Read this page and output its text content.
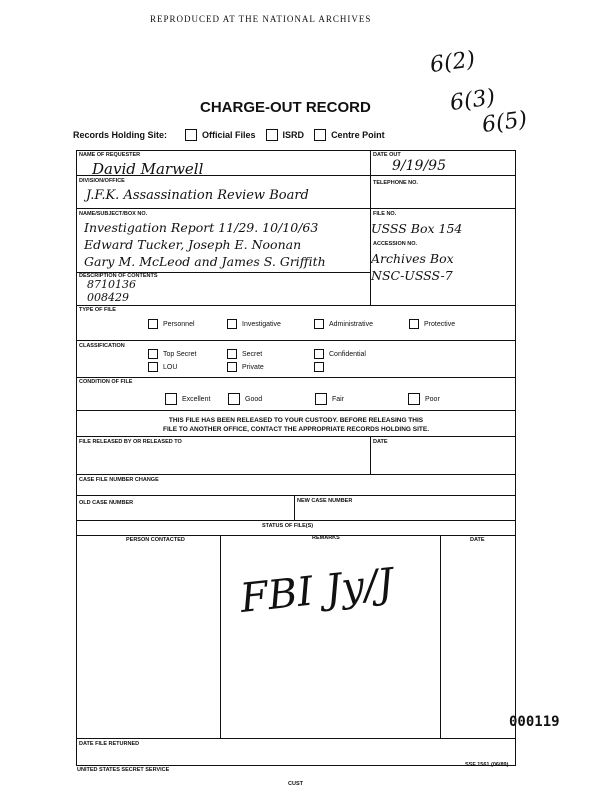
REPRODUCED AT THE NATIONAL ARCHIVES
6(2)
6(3)
6(5)
CHARGE-OUT RECORD
Records Holding Site:	Official Files	ISRD	Centre Point
NAME OF REQUESTER
David Marwell
DATE OUT
9/19/95
DIVISION/OFFICE
J.F.K. Assassination Review Board
TELEPHONE NO.
NAME/SUBJECT/BOX NO.
Investigation Report 11/29. 10/10/63
Edward Tucker, Joseph E. Noonan
Gary M. McLeod and James S. Griffith
FILE NO.
USSS Box 154
ACCESSION NO.
Archives Box
NSC-USSS-7
DESCRIPTION OF CONTENTS
8710136
008429
TYPE OF FILE
Personnel	Investigative	Administrative	Protective
CLASSIFICATION
Top Secret	Secret	Confidential
LOU	Private
CONDITION OF FILE
Excellent	Good	Fair	Poor
THIS FILE HAS BEEN RELEASED TO YOUR CUSTODY. BEFORE RELEASING THIS
FILE TO ANOTHER OFFICE, CONTACT THE APPROPRIATE RECORDS HOLDING SITE.
FILE RELEASED BY OR RELEASED TO	DATE
CASE FILE NUMBER CHANGE
OLD CASE NUMBER	NEW CASE NUMBER
STATUS OF FILE(S)
PERSON CONTACTED	REMARKS	DATE
FBI Jy/J
000119
DATE FILE RETURNED
UNITED STATES SECRET SERVICE
SSF 1561 (06/89)
CUST
